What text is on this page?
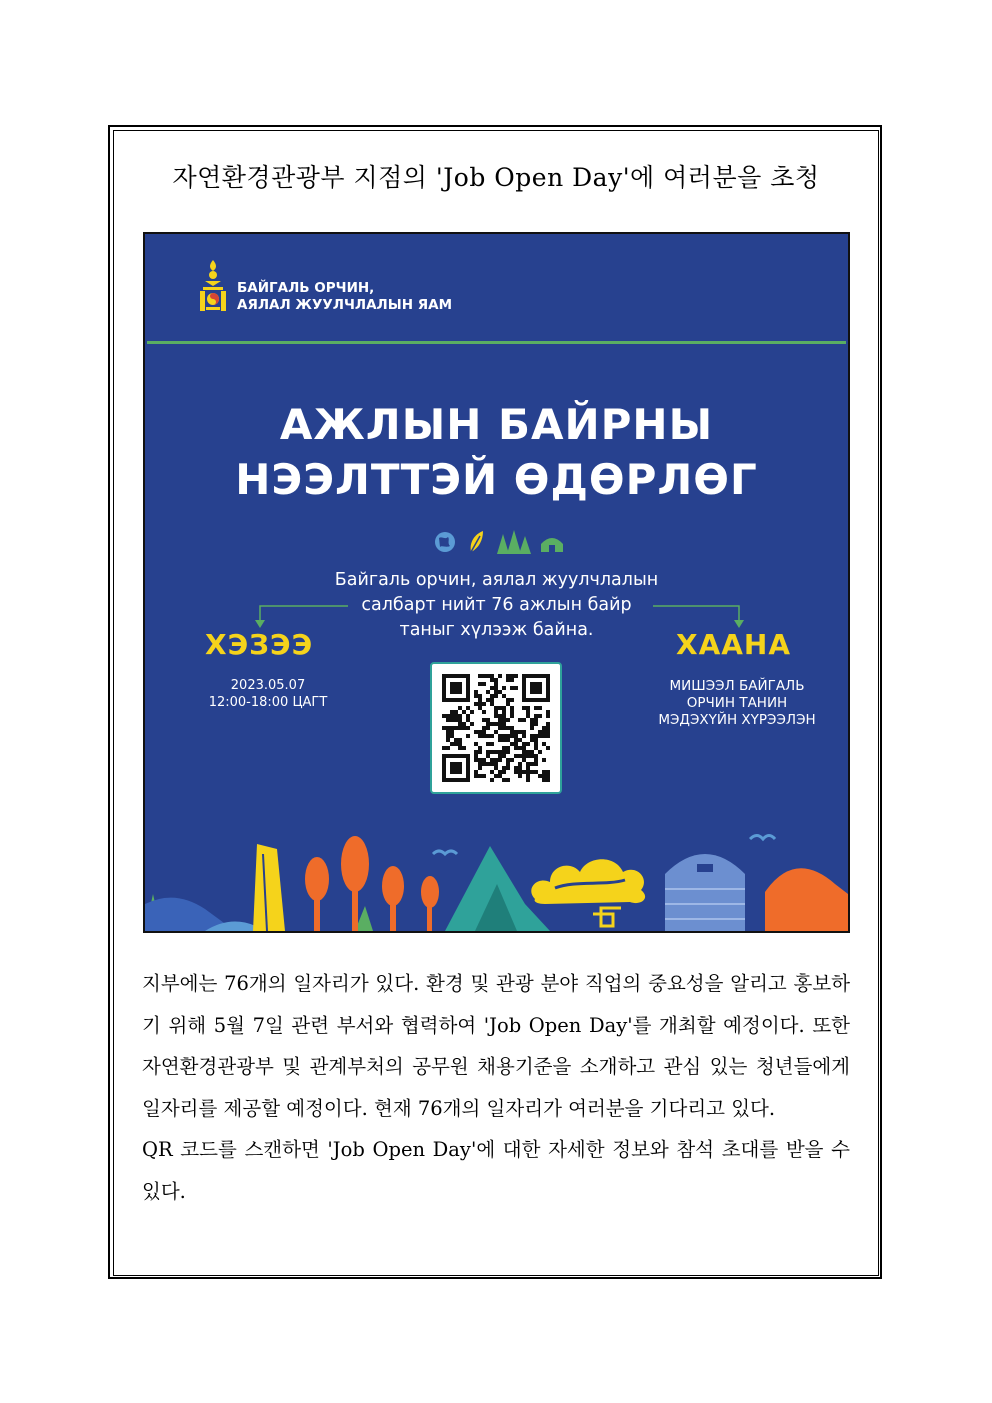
자연환경관광부 지점의 'Job Open Day'에 여러분을 초청
БАЙГАЛЬ ОРЧИН,
АЯЛАЛ ЖУУЛЧЛАЛЫН ЯАМ
АЖЛЫН БАЙРНЫ
НЭЭЛТТЭЙ ӨДӨРЛӨГ
Байгаль орчин, аялал жуулчлалын
салбарт нийт 76 ажлын байр
таныг хүлээж байна.
ХЭЗЭЭ
2023.05.07
12:00-18:00 ЦАГТ
ХААНА
МИШЭЭЛ БАЙГАЛЬ
ОРЧИН ТАНИН
МЭДЭХҮЙН ХҮРЭЭЛЭН

지부에는 76개의 일자리가 있다. 환경 및 관광 분야 직업의 중요성을 알리고 홍보하기 위해 5월 7일 관련 부서와 협력하여 'Job Open Day'를 개최할 예정이다. 또한 자연환경관광부 및 관계부처의 공무원 채용기준을 소개하고 관심 있는 청년들에게 일자리를 제공할 예정이다. 현재 76개의 일자리가 여러분을 기다리고 있다.

QR 코드를 스캔하면 'Job Open Day'에 대한 자세한 정보와 참석 초대를 받을 수 있다.
